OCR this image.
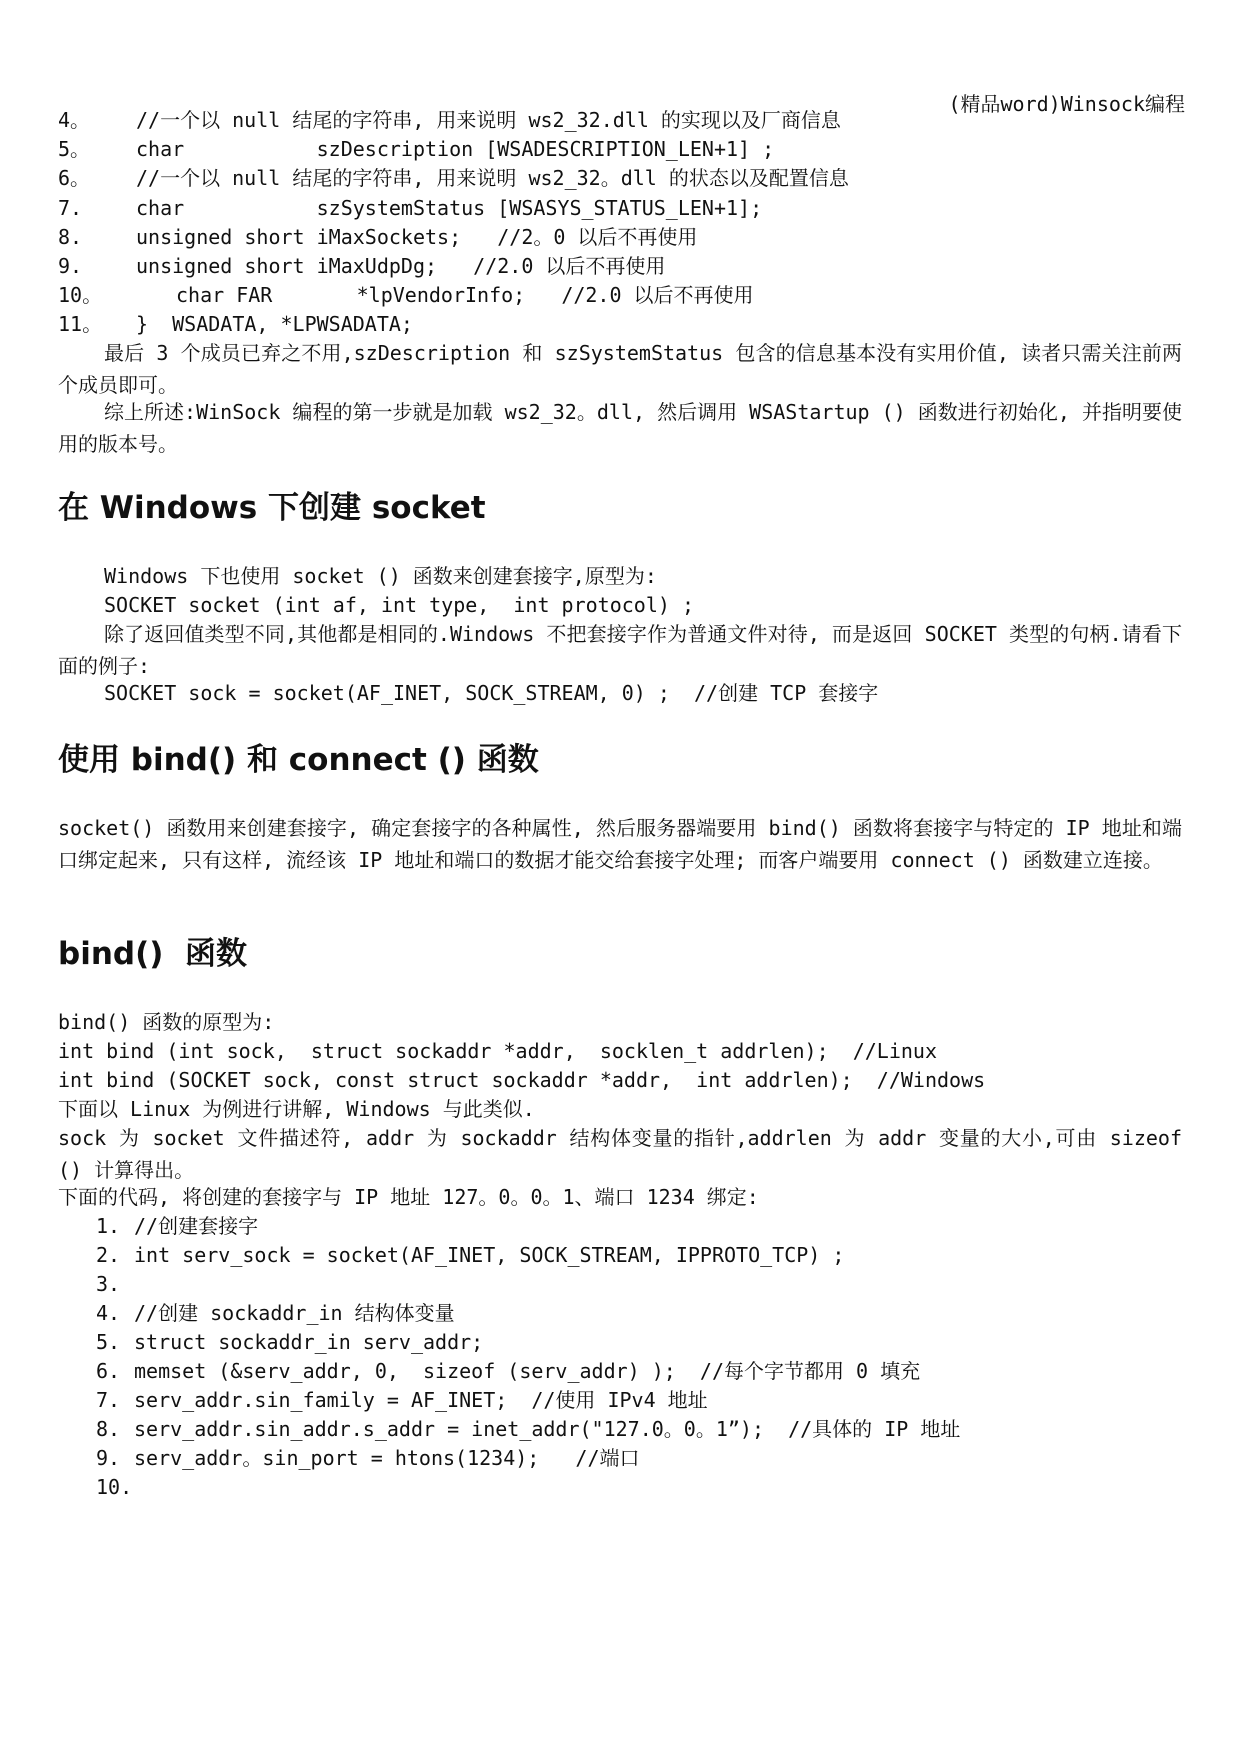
(精品word)Winsock编程
4。 //一个以 null 结尾的字符串, 用来说明 ws2_32.dll 的实现以及厂商信息
5。 char           szDescription [WSADESCRIPTION_LEN+1] ;
6。 //一个以 null 结尾的字符串, 用来说明 ws2_32。dll 的状态以及配置信息
7.	char           szSystemStatus [WSASYS_STATUS_LEN+1];
8.	unsigned short iMaxSockets;   //2。0 以后不再使用
9.	unsigned short iMaxUdpDg;   //2.0 以后不再使用
10。	char FAR       *lpVendorInfo;   //2.0 以后不再使用
11。 }  WSADATA, *LPWSADATA;
最后 3 个成员已弃之不用,szDescription 和 szSystemStatus 包含的信息基本没有实用价值, 读者只需关注前两个成员即可。
综上所述:WinSock 编程的第一步就是加载 ws2_32。dll, 然后调用 WSAStartup () 函数进行初始化, 并指明要使用的版本号。
在 Windows 下创建 socket
Windows 下也使用 socket () 函数来创建套接字,原型为:
SOCKET socket (int af, int type,  int protocol) ;
除了返回值类型不同,其他都是相同的.Windows 不把套接字作为普通文件对待, 而是返回 SOCKET 类型的句柄.请看下面的例子:
SOCKET sock = socket(AF_INET, SOCK_STREAM, 0) ;  //创建 TCP 套接字
使用 bind() 和 connect () 函数
socket() 函数用来创建套接字, 确定套接字的各种属性, 然后服务器端要用 bind() 函数将套接字与特定的 IP 地址和端口绑定起来, 只有这样, 流经该 IP 地址和端口的数据才能交给套接字处理; 而客户端要用 connect () 函数建立连接。
bind()  函数
bind() 函数的原型为:
int bind (int sock,  struct sockaddr *addr,  socklen_t addrlen);  //Linux
int bind (SOCKET sock, const struct sockaddr *addr,  int addrlen);  //Windows
下面以 Linux 为例进行讲解, Windows 与此类似.
sock 为 socket 文件描述符, addr 为 sockaddr 结构体变量的指针,addrlen 为 addr 变量的大小,可由 sizeof () 计算得出。
下面的代码, 将创建的套接字与 IP 地址 127。0。0。1、端口 1234 绑定:
1. //创建套接字
2. int serv_sock = socket(AF_INET, SOCK_STREAM, IPPROTO_TCP) ;
3.
4. //创建 sockaddr_in 结构体变量
5. struct sockaddr_in serv_addr;
6. memset (&serv_addr, 0,  sizeof (serv_addr) );  //每个字节都用 0 填充
7. serv_addr.sin_family = AF_INET;  //使用 IPv4 地址
8. serv_addr.sin_addr.s_addr = inet_addr("127.0。0。1”);  //具体的 IP 地址
9. serv_addr。sin_port = htons(1234);   //端口
10.
